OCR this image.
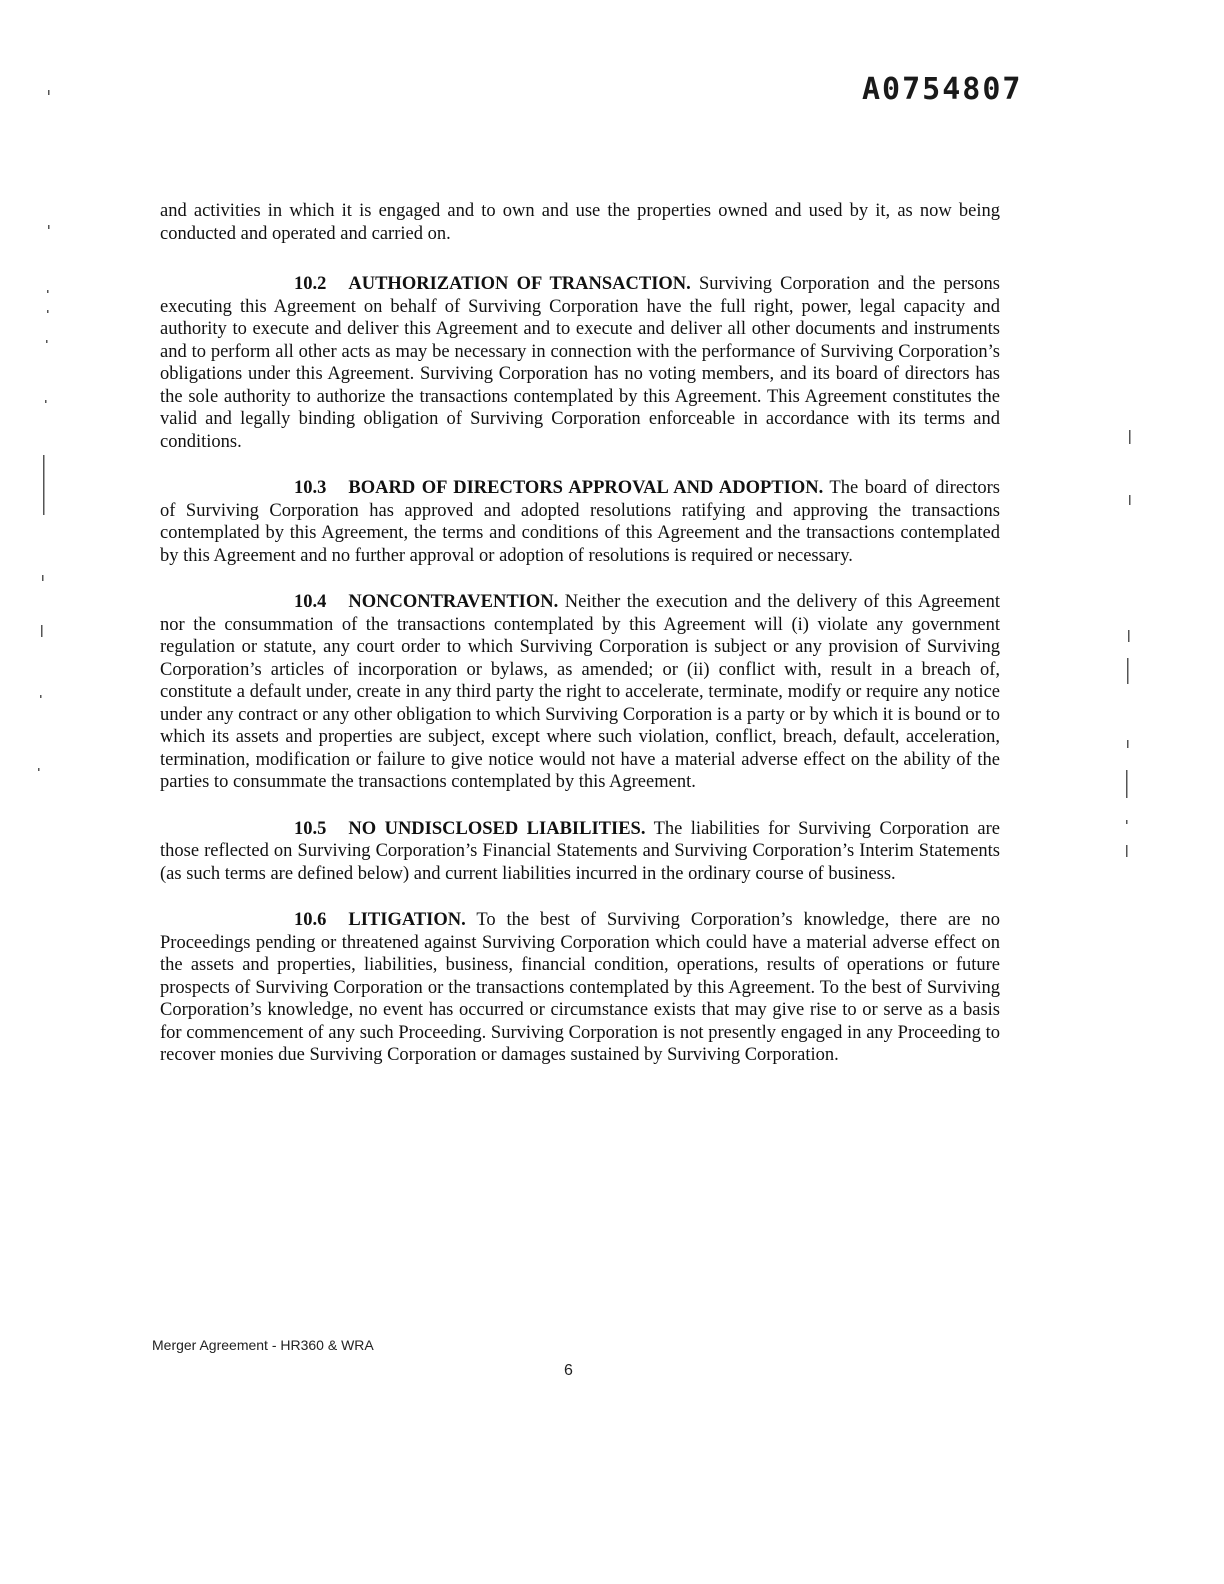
A0754807

and activities in which it is engaged and to own and use the properties owned and used by it, as now being conducted and operated and carried on.

10.2 AUTHORIZATION OF TRANSACTION. Surviving Corporation and the persons executing this Agreement on behalf of Surviving Corporation have the full right, power, legal capacity and authority to execute and deliver this Agreement and to execute and deliver all other documents and instruments and to perform all other acts as may be necessary in connection with the performance of Surviving Corporation’s obligations under this Agreement. Surviving Corporation has no voting members, and its board of directors has the sole authority to authorize the transactions contemplated by this Agreement. This Agreement constitutes the valid and legally binding obligation of Surviving Corporation enforceable in accordance with its terms and conditions.

10.3 BOARD OF DIRECTORS APPROVAL AND ADOPTION. The board of directors of Surviving Corporation has approved and adopted resolutions ratifying and approving the transactions contemplated by this Agreement, the terms and conditions of this Agreement and the transactions contemplated by this Agreement and no further approval or adoption of resolutions is required or necessary.

10.4 NONCONTRAVENTION. Neither the execution and the delivery of this Agreement nor the consummation of the transactions contemplated by this Agreement will (i) violate any government regulation or statute, any court order to which Surviving Corporation is subject or any provision of Surviving Corporation’s articles of incorporation or bylaws, as amended; or (ii) conflict with, result in a breach of, constitute a default under, create in any third party the right to accelerate, terminate, modify or require any notice under any contract or any other obligation to which Surviving Corporation is a party or by which it is bound or to which its assets and properties are subject, except where such violation, conflict, breach, default, acceleration, termination, modification or failure to give notice would not have a material adverse effect on the ability of the parties to consummate the transactions contemplated by this Agreement.

10.5 NO UNDISCLOSED LIABILITIES. The liabilities for Surviving Corporation are those reflected on Surviving Corporation’s Financial Statements and Surviving Corporation’s Interim Statements (as such terms are defined below) and current liabilities incurred in the ordinary course of business.

10.6 LITIGATION. To the best of Surviving Corporation’s knowledge, there are no Proceedings pending or threatened against Surviving Corporation which could have a material adverse effect on the assets and properties, liabilities, business, financial condition, operations, results of operations or future prospects of Surviving Corporation or the transactions contemplated by this Agreement. To the best of Surviving Corporation’s knowledge, no event has occurred or circumstance exists that may give rise to or serve as a basis for commencement of any such Proceeding. Surviving Corporation is not presently engaged in any Proceeding to recover monies due Surviving Corporation or damages sustained by Surviving Corporation.

Merger Agreement - HR360 & WRA
6
